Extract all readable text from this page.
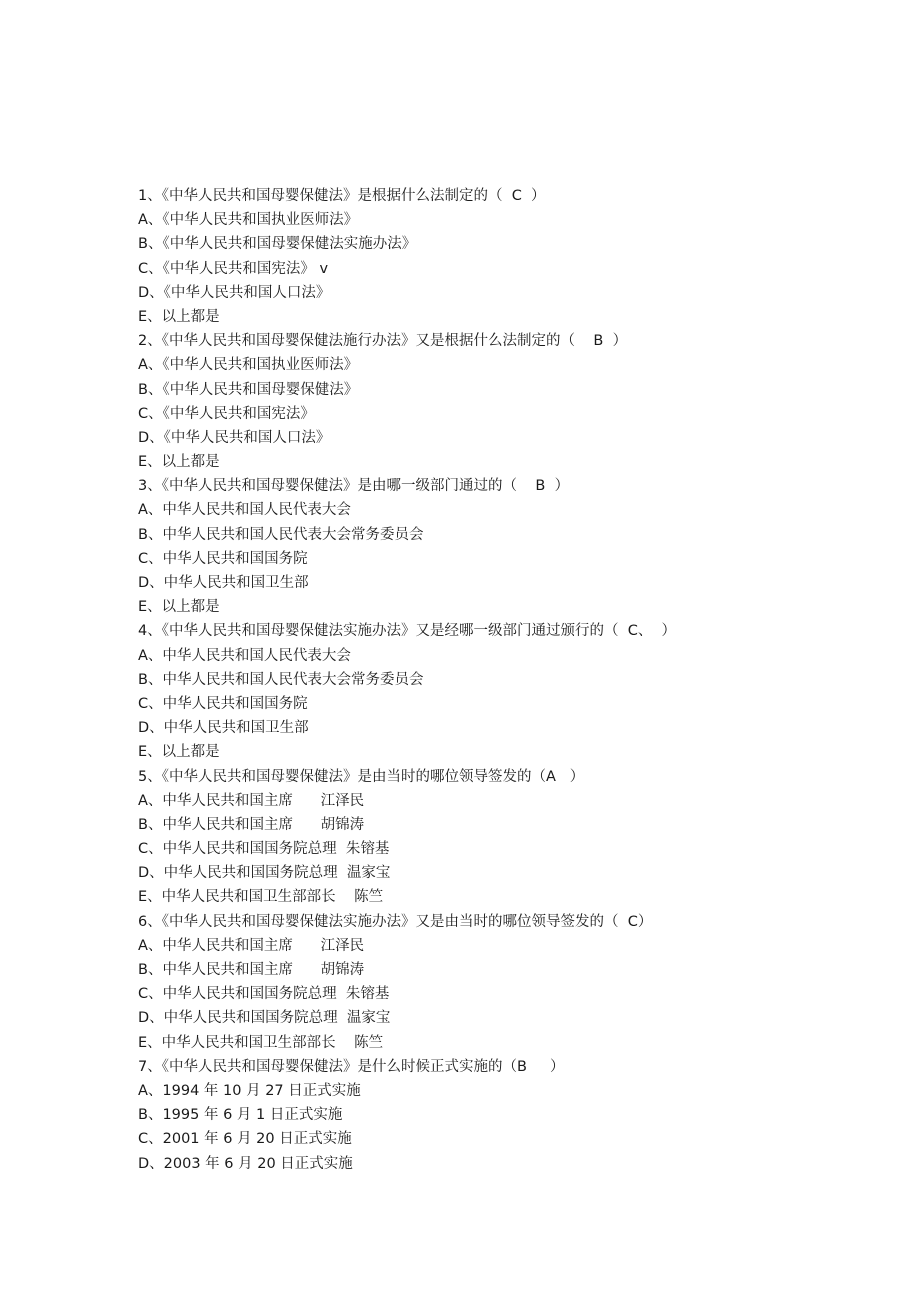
1、《中华人民共和国母婴保健法》是根据什么法制定的（  C  ）
A、《中华人民共和国执业医师法》
B、《中华人民共和国母婴保健法实施办法》
C、《中华人民共和国宪法》 v
D、《中华人民共和国人口法》
E、以上都是
2、《中华人民共和国母婴保健法施行办法》又是根据什么法制定的（    B  ）
A、《中华人民共和国执业医师法》
B、《中华人民共和国母婴保健法》
C、《中华人民共和国宪法》
D、《中华人民共和国人口法》
E、以上都是
3、《中华人民共和国母婴保健法》是由哪一级部门通过的（    B  ）
A、中华人民共和国人民代表大会
B、中华人民共和国人民代表大会常务委员会
C、中华人民共和国国务院
D、中华人民共和国卫生部
E、以上都是
4、《中华人民共和国母婴保健法实施办法》又是经哪一级部门通过颁行的（  C、  ）
A、中华人民共和国人民代表大会
B、中华人民共和国人民代表大会常务委员会
C、中华人民共和国国务院
D、中华人民共和国卫生部
E、以上都是
5、《中华人民共和国母婴保健法》是由当时的哪位领导签发的（A   ）
A、中华人民共和国主席      江泽民
B、中华人民共和国主席      胡锦涛
C、中华人民共和国国务院总理  朱镕基
D、中华人民共和国国务院总理  温家宝
E、中华人民共和国卫生部部长    陈竺
6、《中华人民共和国母婴保健法实施办法》又是由当时的哪位领导签发的（  C）
A、中华人民共和国主席      江泽民
B、中华人民共和国主席      胡锦涛
C、中华人民共和国国务院总理  朱镕基
D、中华人民共和国国务院总理  温家宝
E、中华人民共和国卫生部部长    陈竺
7、《中华人民共和国母婴保健法》是什么时候正式实施的（B     ）
A、1994 年 10 月 27 日正式实施
B、1995 年 6 月 1 日正式实施
C、2001 年 6 月 20 日正式实施
D、2003 年 6 月 20 日正式实施
